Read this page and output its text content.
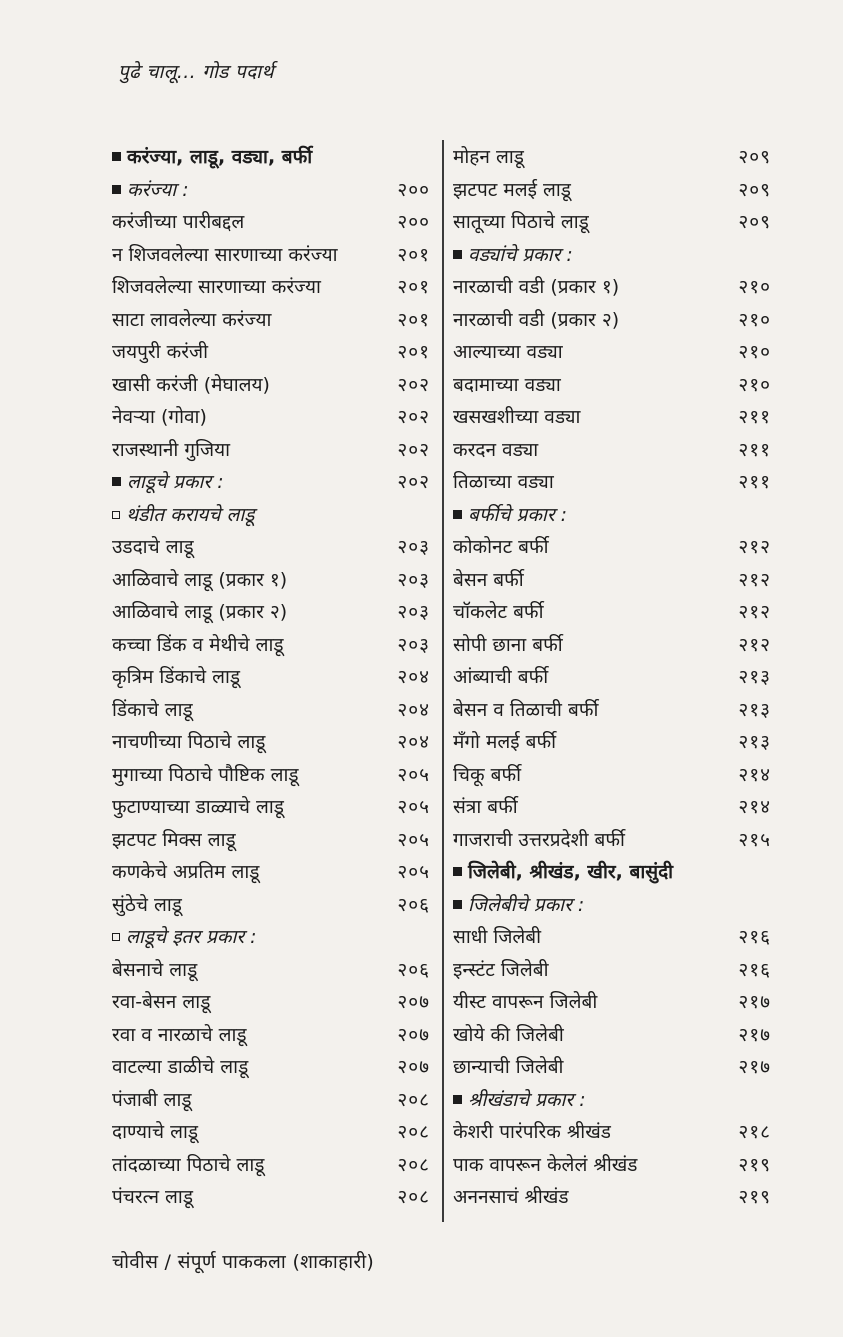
पुढे चालू... गोड पदार्थ
करंज्या, लाडू, वड्या, बर्फी
करंज्या :	२००
करंजीच्या पारीबद्दल	२००
न शिजवलेल्या सारणाच्या करंज्या	२०१
शिजवलेल्या सारणाच्या करंज्या	२०१
साटा लावलेल्या करंज्या	२०१
जयपुरी करंजी	२०१
खासी करंजी (मेघालय)	२०२
नेवऱ्या (गोवा)	२०२
राजस्थानी गुजिया	२०२
लाडूचे प्रकार :	२०२
थंडीत करायचे लाडू
उडदाचे लाडू	२०३
आळिवाचे लाडू (प्रकार १)	२०३
आळिवाचे लाडू (प्रकार २)	२०३
कच्चा डिंक व मेथीचे लाडू	२०३
कृत्रिम डिंकाचे लाडू	२०४
डिंकाचे लाडू	२०४
नाचणीच्या पिठाचे लाडू	२०४
मुगाच्या पिठाचे पौष्टिक लाडू	२०५
फुटाण्याच्या डाळ्याचे लाडू	२०५
झटपट मिक्स लाडू	२०५
कणकेचे अप्रतिम लाडू	२०५
सुंठेचे लाडू	२०६
लाडूचे इतर प्रकार :
बेसनाचे लाडू	२०६
रवा-बेसन लाडू	२०७
रवा व नारळाचे लाडू	२०७
वाटल्या डाळीचे लाडू	२०७
पंजाबी लाडू	२०८
दाण्याचे लाडू	२०८
तांदळाच्या पिठाचे लाडू	२०८
पंचरत्न लाडू	२०८
मोहन लाडू	२०९
झटपट मलई लाडू	२०९
सातूच्या पिठाचे लाडू	२०९
वड्यांचे प्रकार :
नारळाची वडी (प्रकार १)	२१०
नारळाची वडी (प्रकार २)	२१०
आल्याच्या वड्या	२१०
बदामाच्या वड्या	२१०
खसखशीच्या वड्या	२११
करदन वड्या	२११
तिळाच्या वड्या	२११
बर्फीचे प्रकार :
कोकोनट बर्फी	२१२
बेसन बर्फी	२१२
चॉकलेट बर्फी	२१२
सोपी छाना बर्फी	२१२
आंब्याची बर्फी	२१३
बेसन व तिळाची बर्फी	२१३
मँगो मलई बर्फी	२१३
चिकू बर्फी	२१४
संत्रा बर्फी	२१४
गाजराची उत्तरप्रदेशी बर्फी	२१५
जिलेबी, श्रीखंड, खीर, बासुंदी
जिलेबीचे प्रकार :
साधी जिलेबी	२१६
इन्स्टंट जिलेबी	२१६
यीस्ट वापरून जिलेबी	२१७
खोये की जिलेबी	२१७
छान्याची जिलेबी	२१७
श्रीखंडाचे प्रकार :
केशरी पारंपरिक श्रीखंड	२१८
पाक वापरून केलेलं श्रीखंड	२१९
अननसाचं श्रीखंड	२१९
चोवीस / संपूर्ण पाककला (शाकाहारी)
